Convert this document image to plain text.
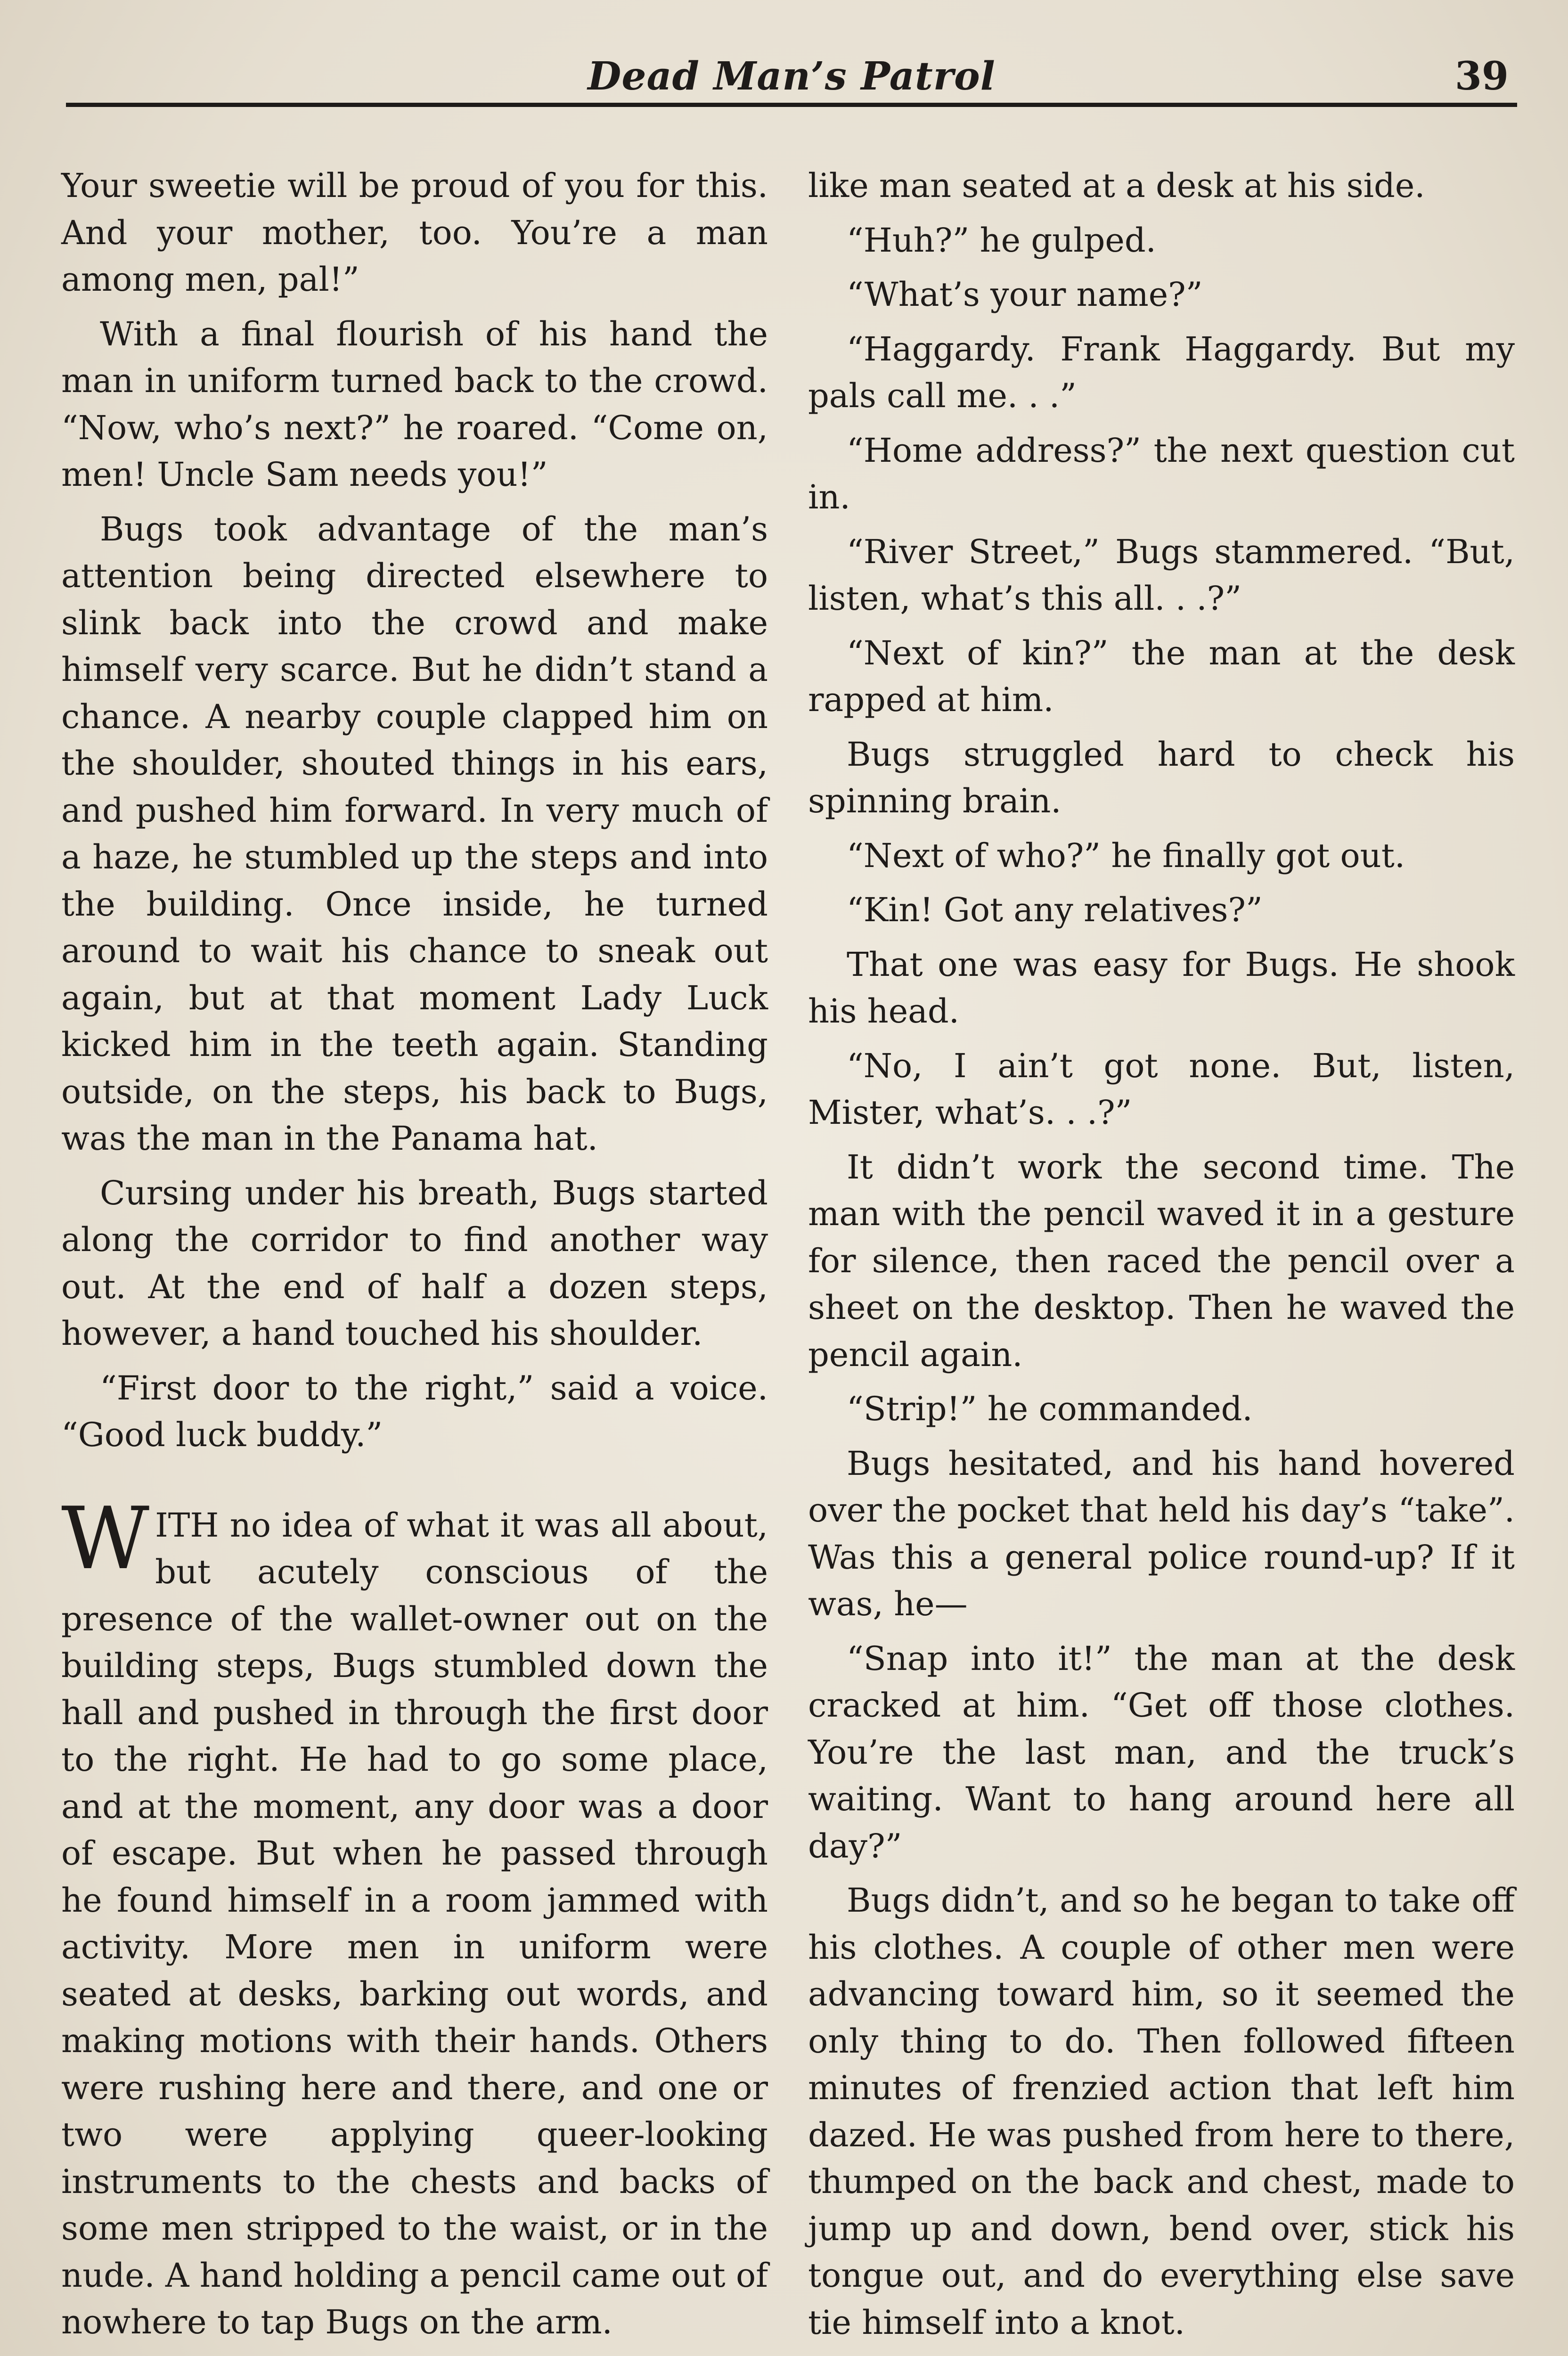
Dead Man’s Patrol	39

Your sweetie will be proud of you for this. And your mother, too. You’re a man among men, pal!”

With a final flourish of his hand the man in uniform turned back to the crowd. “Now, who’s next?” he roared. “Come on, men! Uncle Sam needs you!”

Bugs took advantage of the man’s attention being directed elsewhere to slink back into the crowd and make himself very scarce. But he didn’t stand a chance. A nearby couple clapped him on the shoulder, shouted things in his ears, and pushed him forward. In very much of a haze, he stumbled up the steps and into the building. Once inside, he turned around to wait his chance to sneak out again, but at that moment Lady Luck kicked him in the teeth again. Standing outside, on the steps, his back to Bugs, was the man in the Panama hat.

Cursing under his breath, Bugs started along the corridor to find another way out. At the end of half a dozen steps, however, a hand touched his shoulder.

“First door to the right,” said a voice. “Good luck buddy.”

WITH no idea of what it was all about, but acutely conscious of the presence of the wallet-owner out on the building steps, Bugs stumbled down the hall and pushed in through the first door to the right. He had to go some place, and at the moment, any door was a door of escape. But when he passed through he found himself in a room jammed with activity. More men in uniform were seated at desks, barking out words, and making motions with their hands. Others were rushing here and there, and one or two were applying queer-looking instruments to the chests and backs of some men stripped to the waist, or in the nude. A hand holding a pencil came out of nowhere to tap Bugs on the arm.

like man seated at a desk at his side.

“Huh?” he gulped.

“What’s your name?”

“Haggardy. Frank Haggardy. But my pals call me. . .”

“Home address?” the next question cut in.

“River Street,” Bugs stammered. “But, listen, what’s this all. . .?”

“Next of kin?” the man at the desk rapped at him.

Bugs struggled hard to check his spinning brain.

“Next of who?” he finally got out.

“Kin! Got any relatives?”

That one was easy for Bugs. He shook his head.

“No, I ain’t got none. But, listen, Mister, what’s. . .?”

It didn’t work the second time. The man with the pencil waved it in a gesture for silence, then raced the pencil over a sheet on the desktop. Then he waved the pencil again.

“Strip!” he commanded.

Bugs hesitated, and his hand hovered over the pocket that held his day’s “take”. Was this a general police round-up? If it was, he—

“Snap into it!” the man at the desk cracked at him. “Get off those clothes. You’re the last man, and the truck’s waiting. Want to hang around here all day?”

Bugs didn’t, and so he began to take off his clothes. A couple of other men were advancing toward him, so it seemed the only thing to do. Then followed fifteen minutes of frenzied action that left him dazed. He was pushed from here to there, thumped on the back and chest, made to jump up and down, bend over, stick his tongue out, and do everything else save tie himself into a knot.
